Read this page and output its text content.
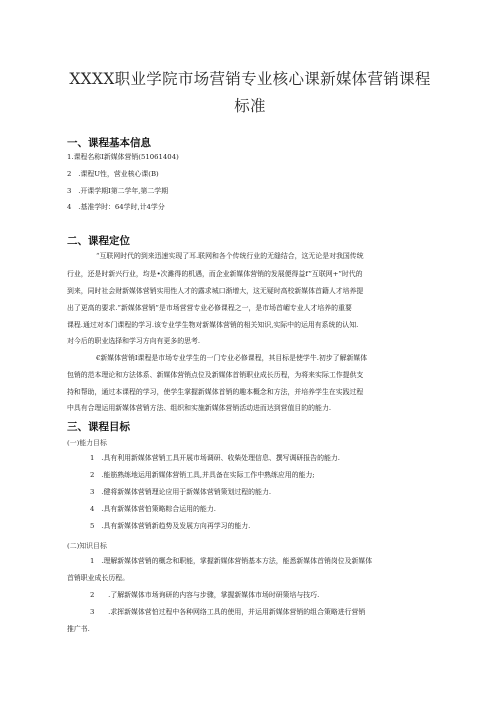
XXXX职业学院市场营销专业核心课新媒体营销课程
标准
一、课程基本信息
1.课程名称I新媒体营销(51061404)
2　.课程U性，营业核心课(B)
3　.开课学期I第二学年,第二学期
4　.基准学时：64学时,计4学分
二、课程定位
“互联网时代的到来迅速实现了耳.联网和各个传统行业的无缝结合，这无论是对我国传统
行业，还是时新兴行业，均是•次濉得的机遇，而企业新媒体营销的发展便得益f”互联网+”时代的
到来，同时社会财新媒体营销实用性人才的露求城口渐增大，这无疑时高校新媒体首籍人才培养提
出了更高的要求.“新媒体营销”是市场营营专业必修课程之一，是市场首嵋专业人才培养的重要
课程.通过对本门课程的学习.该专业学生物对新媒体营销的相关知识,实际中的运用有系统的认知.
对今后的职业选择和学习方向有更多的思考.
€新媒体营销I课程是市场专业学生的一门专业必修课程，其目标是使学牛.初步了解新媒体
包销的范本理论和方法体系、新媒体营销点位及新媒体首销职业成长历程，为将来实际工作提供支
持和帮助，通过本课程的学习，使学生掌握新媒体首销的趣本概念和方法，并培养学生在实践过程
中具有合理运用新媒体营销方法、组织和实施新媒体营销活动进而达到营值目的的能力.
三、课程目标
(一)能力目标
1　.具有利用新媒体营销工具开展市场调研、收柴处理信息、撰写调研报告的能力.
2　.能筋熟练地运用新媒体营销工具,并具备在实际工作中熟练应用的能力;
3　.健将新媒体营销理论应用于新媒体营销策划过程的能力.
4　.具有新媒体营怕策略粽合运用的能力.
5　.具有新媒体营销新趋势及发展方向再学习的能力.
(二)知识目标
1　.理解新媒体营销的概念和职能，掌握新媒体营销基本方法，能悉新媒体首销岗位及新媒体
首销职业成长历程。
2　　.了解新媒体市场询研的内容与步骤，掌握新媒体市场时研策培与技巧.
3　　.求挥新媒体营怕过程中各种网络工具的使用，并运用新媒体营销的组合策略进行营销
推广书.
